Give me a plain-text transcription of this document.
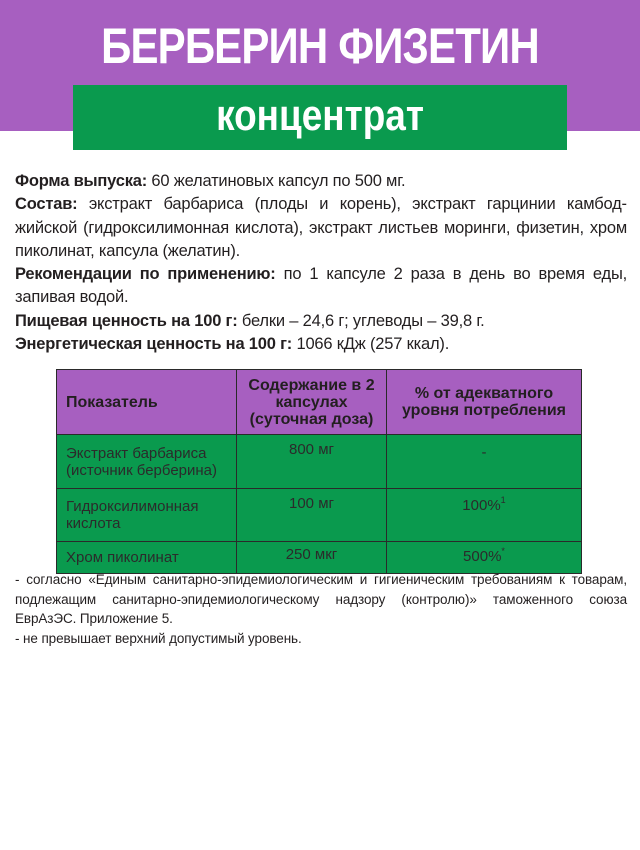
БЕРБЕРИН ФИЗЕТИН
концентрат

Форма выпуска: 60 желатиновых капсул по 500 мг.

Состав: экстракт барбариса (плоды и корень), экстракт гарцинии камбоджийской (гидроксилимонная кислота), экстракт листьев моринги, физетин, хром пиколинат, капсула (желатин).

Рекомендации по применению: по 1 капсуле 2 раза в день во время еды, запивая водой.

Пищевая ценность на 100 г: белки – 24,6 г; углеводы – 39,8 г.

Энергетическая ценность на 100 г: 1066 кДж (257 ккал).

Показатель	Содержание в 2 капсулах (суточная доза)	% от адекватного уровня потребления
Экстракт барбариса (источник берберина)	800 мг	-
Гидроксилимонная кислота	100 мг	100%$^1$
Хром пиколинат	250 мкг	500%*

- согласно «Единым санитарно-эпидемиологическим и гигиеническим требованиям к товарам, подлежащим санитарно-эпидемиологическому надзору (контролю)» таможенного союза ЕврАзЭС. Приложение 5.

- не превышает верхний допустимый уровень.
